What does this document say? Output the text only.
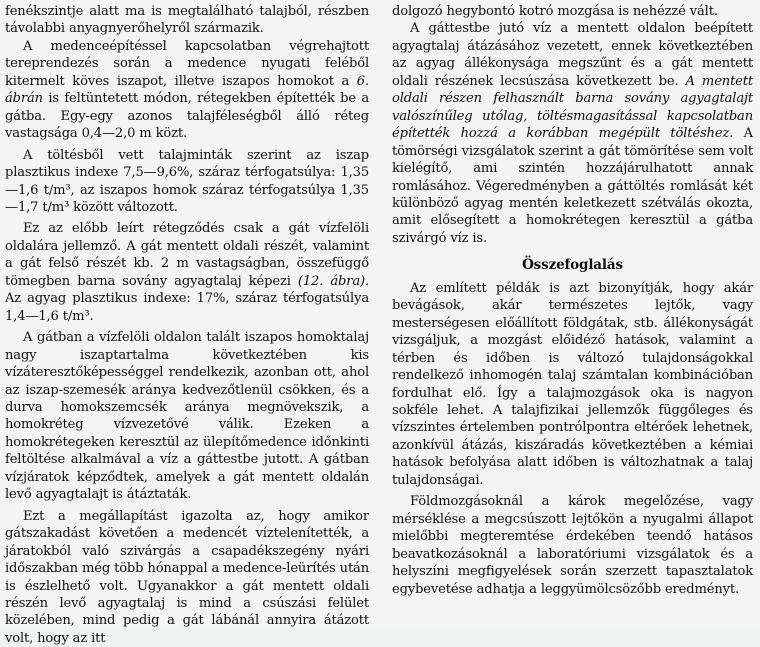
fenékszintje alatt ma is megtalálható talajból, részben távolabbi anyagnyerőhelyről származik.

A medenceépítéssel kapcsolatban végrehajtott tereprendezés során a medence nyugati feléből kitermelt köves iszapot, illetve iszapos homokot a 6. ábrán is feltüntetett módon, rétegekben építették be a gátba. Egy-egy azonos talajféleségből álló réteg vastagsága 0,4—2,0 m közt.

A töltésből vett talajminták szerint az iszap plasztikus indexe 7,5—9,6%, száraz térfogatsúlya: 1,35—1,6 t/m³, az iszapos homok száraz térfogatsúlya 1,35—1,7 t/m³ között változott.

Ez az előbb leírt rétegződés csak a gát vízfelöli oldalára jellemző. A gát mentett oldali részét, valamint a gát felső részét kb. 2 m vastagságban, összefüggő tömegben barna sovány agyagtalaj képezi (12. ábra). Az agyag plasztikus indexe: 17%, száraz térfogatsúlya 1,4—1,6 t/m³.

A gátban a vízfelöli oldalon talált iszapos homoktalaj nagy iszaptartalma következtében kis vízáteresztőképességgel rendelkezik, azonban ott, ahol az iszap-szemesék aránya kedvezőtlenül csökken, és a durva homokszemcsék aránya megnövekszik, a homokréteg vízvezetővé válik. Ezeken a homokrétegeken keresztül az ülepítőmedence időnkinti feltöltése alkalmával a víz a gáttestbe jutott. A gátban vízjáratok képződtek, amelyek a gát mentett oldalán levő agyagtalajt is átáztaták.

Ezt a megállapítást igazolta az, hogy amikor gátszakadást követően a medencét víztelenítették, a járatokból való szivárgás a csapadékszegény nyári időszakban még több hónappal a medence-leürítés után is észlelhető volt. Ugyanakkor a gát mentett oldali részén levő agyagtalaj is mind a csúszási felület közelében, mind pedig a gát lábánál annyira átázott volt, hogy az itt

dolgozó hegybontó kotró mozgása is nehézzé vált.

A gáttestbe jutó víz a mentett oldalon beépített agyagtalaj átázásához vezetett, ennek következtében az agyag állékonysága megszűnt és a gát mentett oldali részének lecsúszása következett be. A mentett oldali részen felhasznált barna sovány agyagtalajt valószínűleg utólag, töltésmagasítással kapcsolatban építették hozzá a korábban megépült töltéshez. A tömörségi vizsgálatok szerint a gát tömörítése sem volt kielégítő, ami szintén hozzájárulhatott annak romlásához. Végeredményben a gáttöltés romlását két különböző agyag mentén keletkezett szétválás okozta, amit elősegített a homokrétegen keresztül a gátba szivárgó víz is.

Összefoglalás

Az említett példák is azt bizonyítják, hogy akár bevágások, akár természetes lejtők, vagy mesterségesen előállított földgátak, stb. állékonyságát vizsgáljuk, a mozgást előidéző hatások, valamint a térben és időben is változó tulajdonságokkal rendelkező inhomogén talaj számtalan kombinációban fordulhat elő. Így a talajmozgások oka is nagyon sokféle lehet. A talajfizikai jellemzők függőleges és vízszintes értelemben pontrólpontra eltérőek lehetnek, azonkívül átázás, kiszáradás következtében a kémiai hatások befolyása alatt időben is változhatnak a talaj tulajdonságai.

Földmozgásoknál a károk megelőzése, vagy mérséklése a megcsúszott lejtőkön a nyugalmi állapot mielőbbi megteremtése érdekében teendő hatásos beavatkozásoknál a laboratóriumi vizsgálatok és a helyszíni megfigyelések során szerzett tapasztalatok egybevetése adhatja a leggyümölcsözőbb eredményt.
